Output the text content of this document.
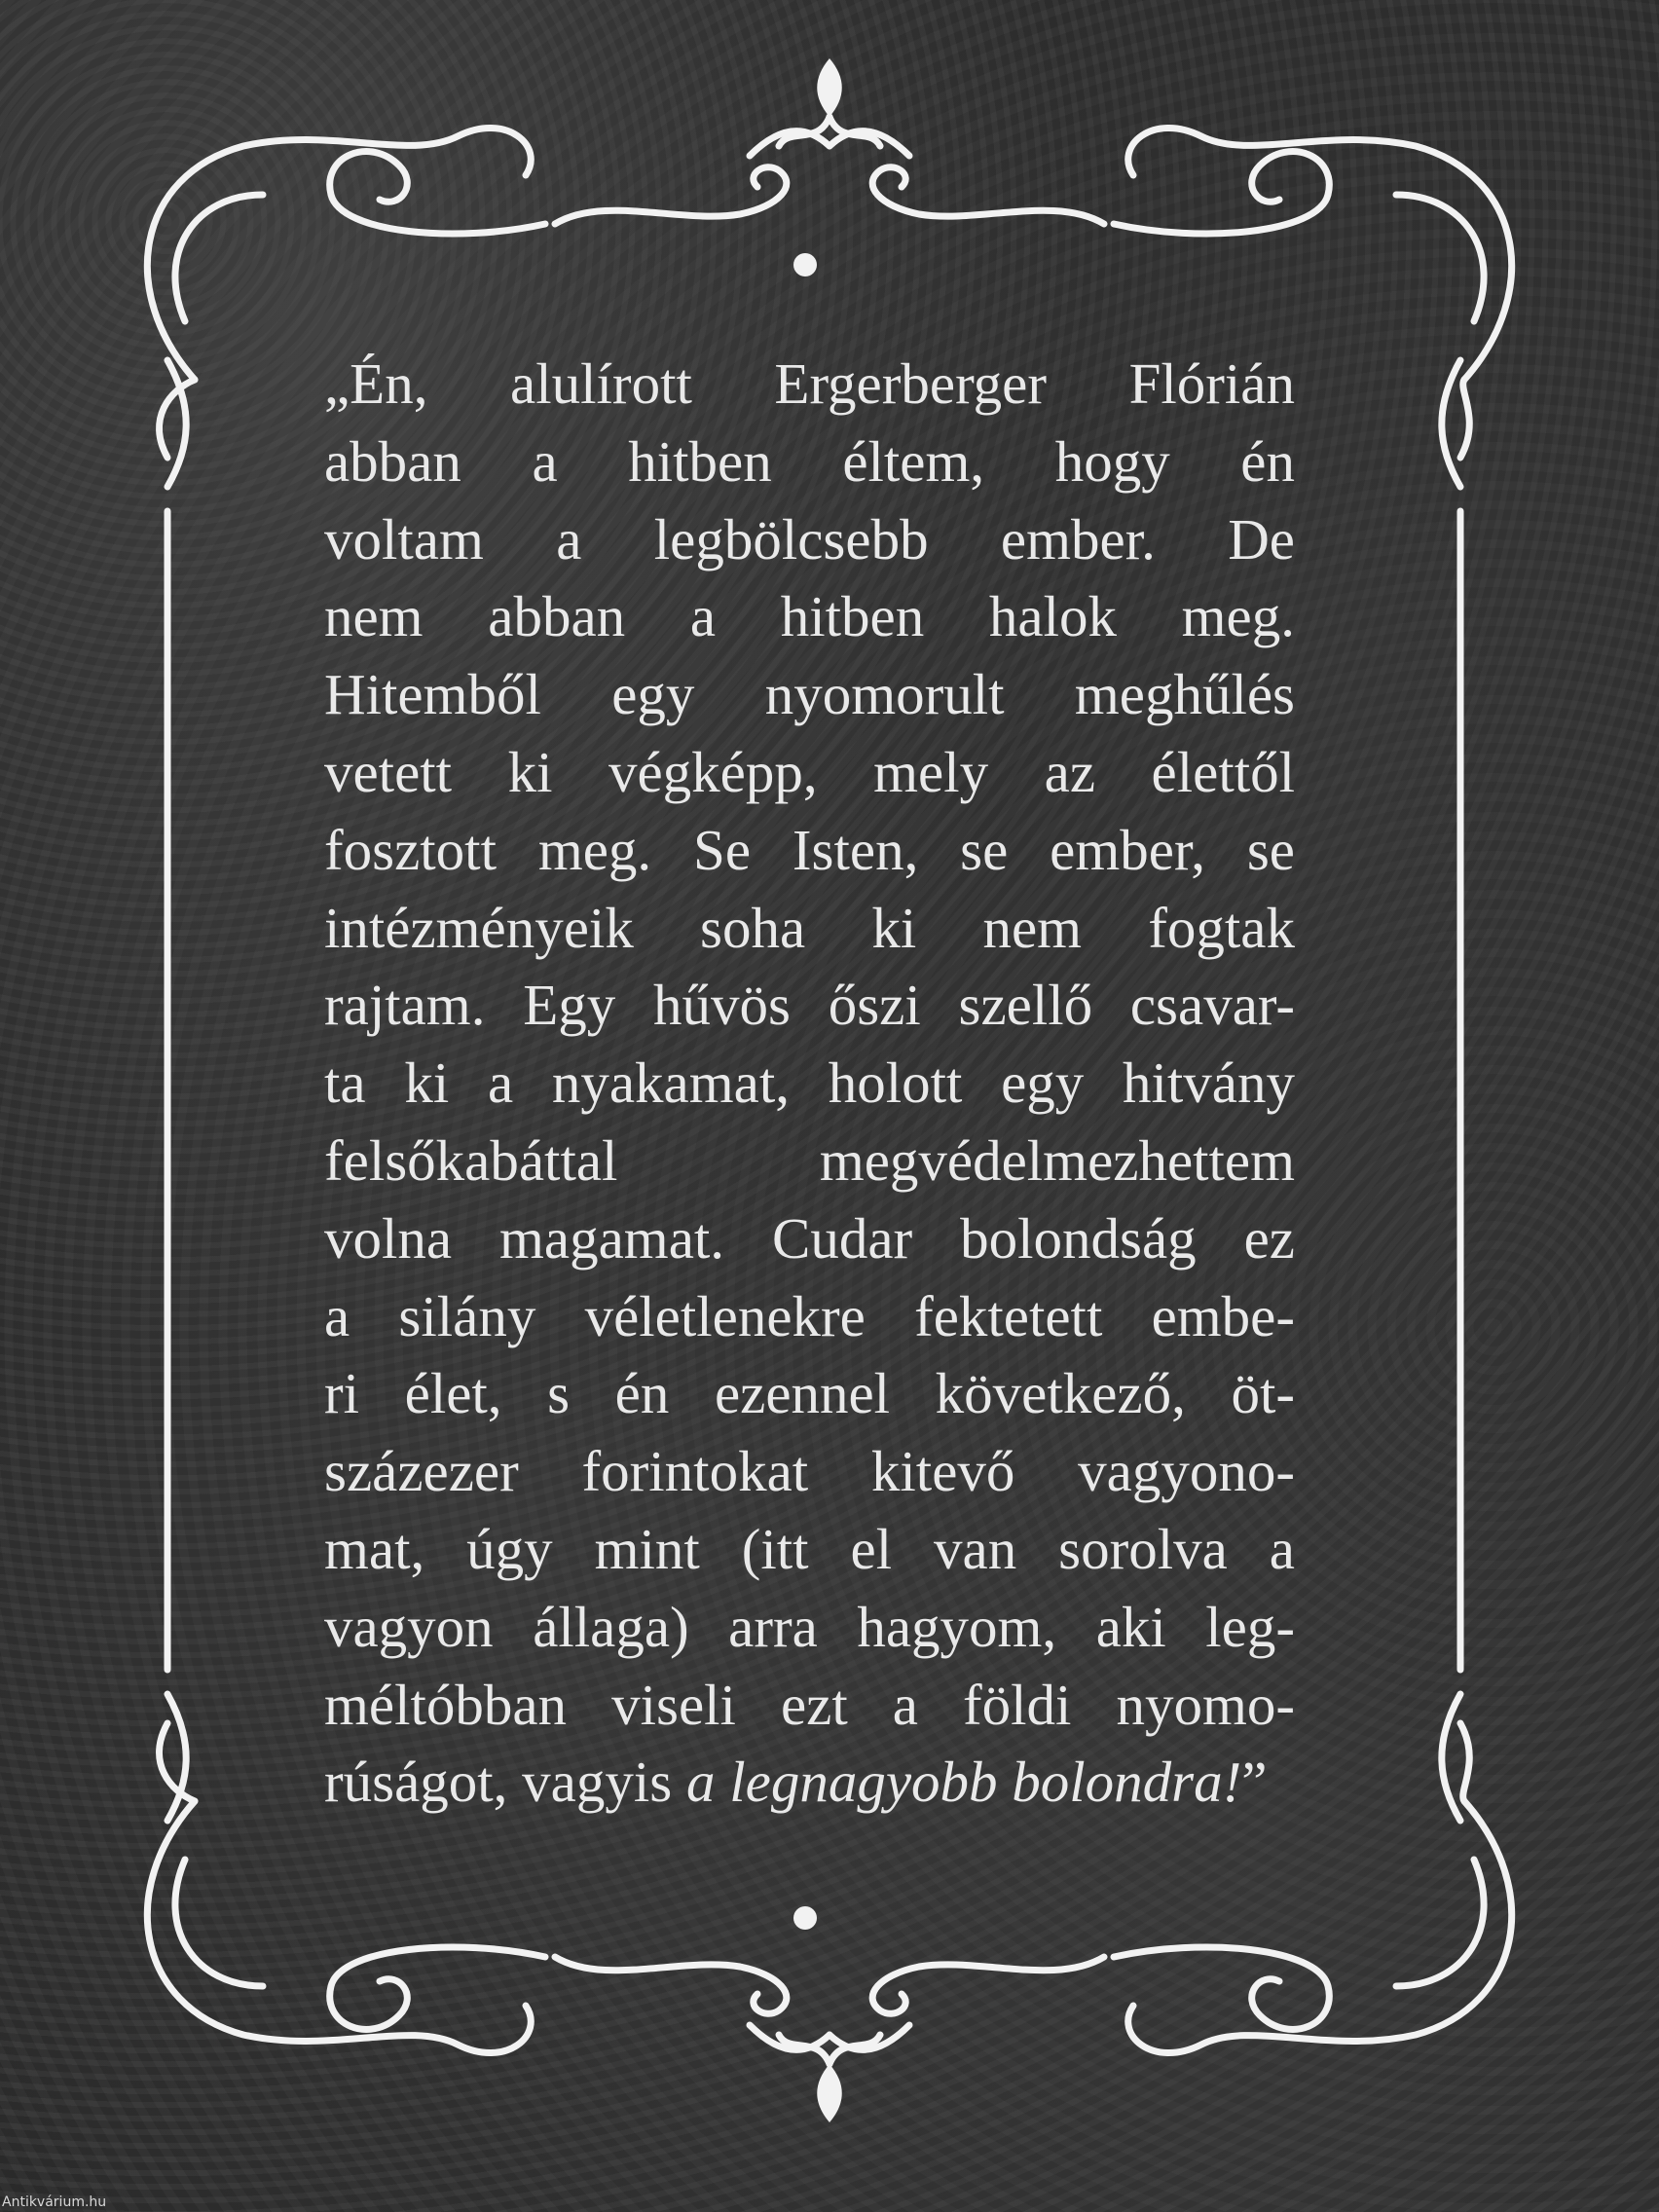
„Én, alulírott Ergerberger Flórián
abban a hitben éltem, hogy én
voltam a legbölcsebb ember. De
nem abban a hitben halok meg.
Hitemből egy nyomorult meghűlés
vetett ki végképp, mely az élettől
fosztott meg. Se Isten, se ember, se
intézményeik soha ki nem fogtak
rajtam. Egy hűvös őszi szellő csavar-
ta ki a nyakamat, holott egy hitvány
felsőkabáttal megvédelmezhettem
volna magamat. Cudar bolondság ez
a silány véletlenekre fektetett embe-
ri élet, s én ezennel következő, öt-
százezer forintokat kitevő vagyono-
mat, úgy mint (itt el van sorolva a
vagyon állaga) arra hagyom, aki leg-
méltóbban viseli ezt a földi nyomo-
rúságot, vagyis a legnagyobb bolondra!”
Antikvárium.hu
